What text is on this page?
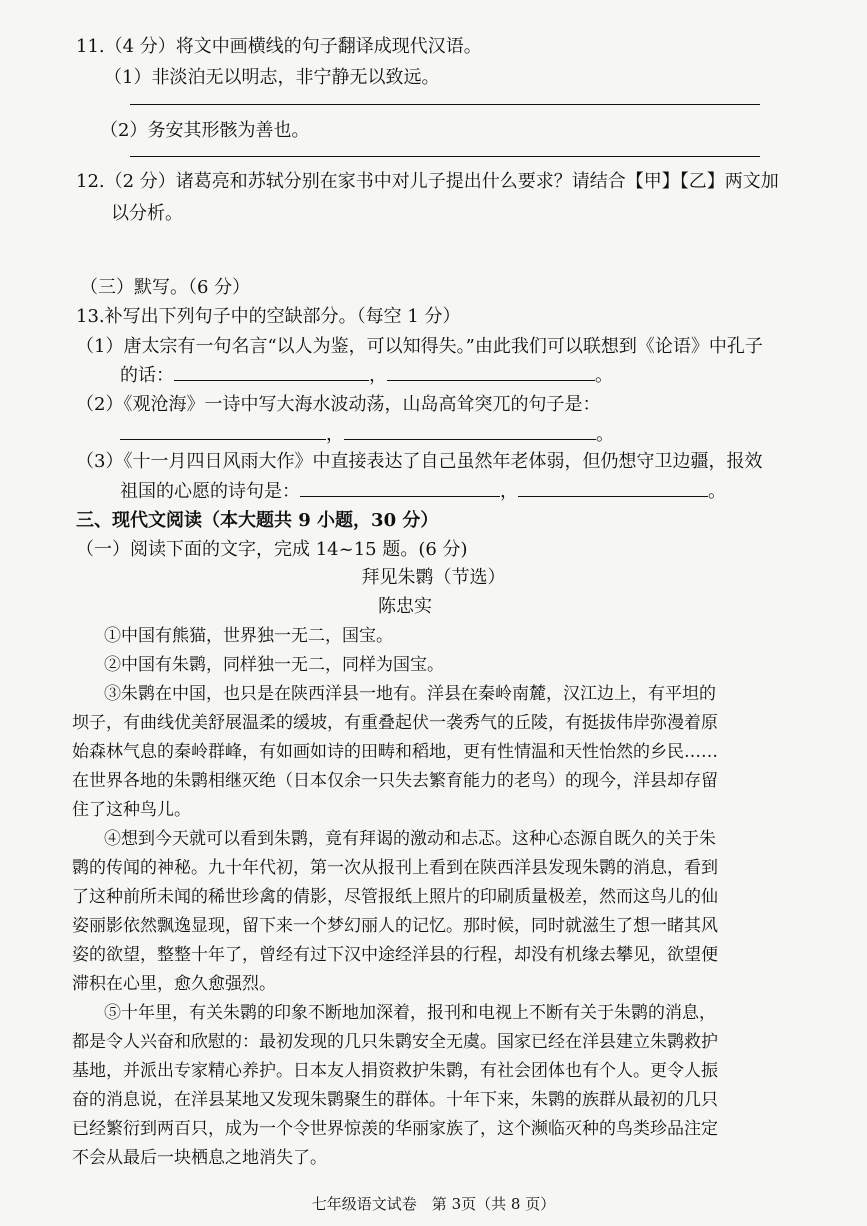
11.（4 分）将文中画横线的句子翻译成现代汉语。

（1）非淡泊无以明志，非宁静无以致远。

（2）务安其形骸为善也。

12.（2 分）诸葛亮和苏轼分别在家书中对儿子提出什么要求？请结合【甲】【乙】两文加

以分析。

（三）默写。（6 分）

13.补写出下列句子中的空缺部分。（每空 1 分）

（1）唐太宗有一句名言“以人为鉴，可以知得失。”由此我们可以联想到《论语》中孔子

的话：	，	。

（2）《观沧海》一诗中写大海水波动荡，山岛高耸突兀的句子是：

，	。

（3）《十一月四日风雨大作》中直接表达了自己虽然年老体弱，但仍想守卫边疆，报效

祖国的心愿的诗句是：	，	。

三、现代文阅读（本大题共 9 小题，30 分）

（一）阅读下面的文字，完成 14~15 题。(6 分)

拜见朱鹮（节选）

陈忠实

①中国有熊猫，世界独一无二，国宝。

②中国有朱鹮，同样独一无二，同样为国宝。

③朱鹮在中国，也只是在陕西洋县一地有。洋县在秦岭南麓，汉江边上，有平坦的

坝子，有曲线优美舒展温柔的缓坡，有重叠起伏一袭秀气的丘陵，有挺拔伟岸弥漫着原

始森林气息的秦岭群峰，有如画如诗的田畴和稻地，更有性情温和天性怡然的乡民……

在世界各地的朱鹮相继灭绝（日本仅余一只失去繁育能力的老鸟）的现今，洋县却存留

住了这种鸟儿。

④想到今天就可以看到朱鹮，竟有拜谒的激动和忐忑。这种心态源自既久的关于朱

鹮的传闻的神秘。九十年代初，第一次从报刊上看到在陕西洋县发现朱鹮的消息，看到

了这种前所未闻的稀世珍禽的倩影，尽管报纸上照片的印刷质量极差，然而这鸟儿的仙

姿丽影依然飘逸显现，留下来一个梦幻丽人的记忆。那时候，同时就滋生了想一睹其风

姿的欲望，整整十年了，曾经有过下汉中途经洋县的行程，却没有机缘去攀见，欲望便

滞积在心里，愈久愈强烈。

⑤十年里，有关朱鹮的印象不断地加深着，报刊和电视上不断有关于朱鹮的消息，

都是令人兴奋和欣慰的：最初发现的几只朱鹮安全无虞。国家已经在洋县建立朱鹮救护

基地，并派出专家精心养护。日本友人捐资救护朱鹮，有社会团体也有个人。更令人振

奋的消息说，在洋县某地又发现朱鹮聚生的群体。十年下来，朱鹮的族群从最初的几只

已经繁衍到两百只，成为一个令世界惊羡的华丽家族了，这个濒临灭种的鸟类珍品注定

不会从最后一块栖息之地消失了。

七年级语文试卷　第 3页（共 8 页）
